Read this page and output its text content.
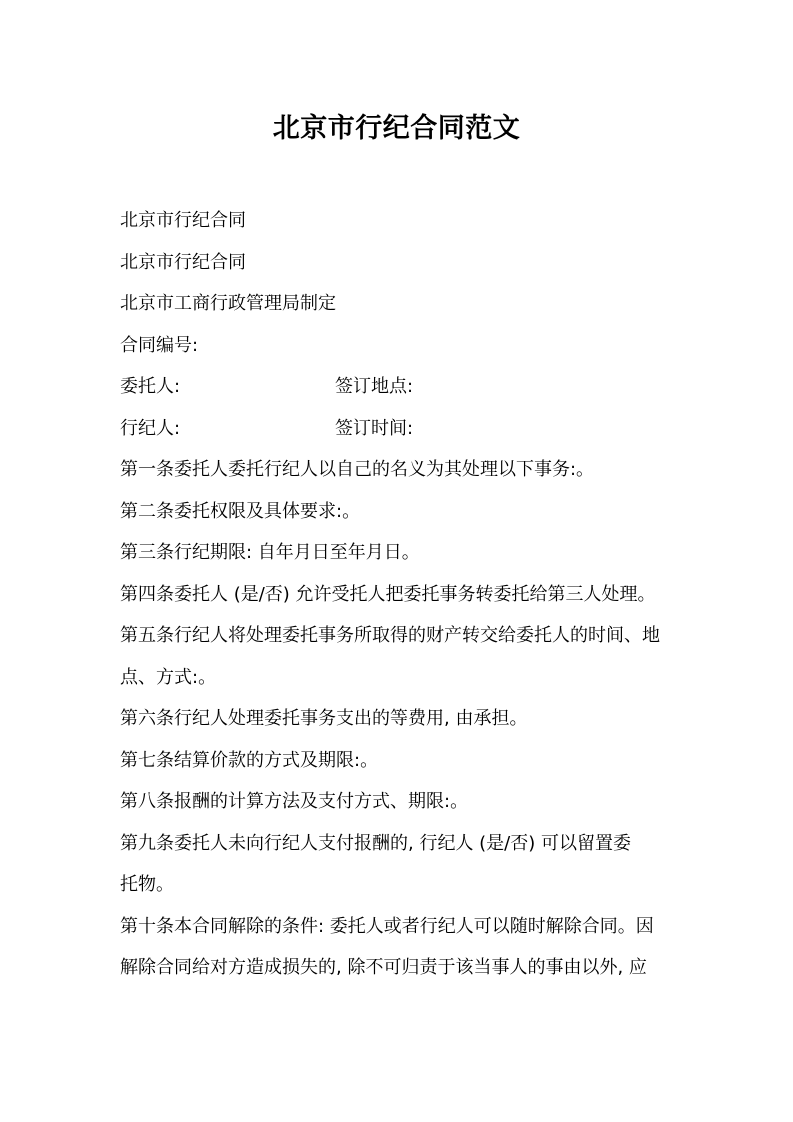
北京市行纪合同范文

北京市行纪合同

北京市行纪合同

北京市工商行政管理局制定

合同编号:

委托人:	签订地点:

行纪人:	签订时间:

第一条委托人委托行纪人以自己的名义为其处理以下事务:。

第二条委托权限及具体要求:。

第三条行纪期限: 自年月日至年月日。

第四条委托人 (是/否) 允许受托人把委托事务转委托给第三人处理。

第五条行纪人将处理委托事务所取得的财产转交给委托人的时间、地

点、方式:。

第六条行纪人处理委托事务支出的等费用, 由承担。

第七条结算价款的方式及期限:。

第八条报酬的计算方法及支付方式、期限:。

第九条委托人未向行纪人支付报酬的, 行纪人 (是/否) 可以留置委

托物。

第十条本合同解除的条件: 委托人或者行纪人可以随时解除合同。因

解除合同给对方造成损失的, 除不可归责于该当事人的事由以外, 应
